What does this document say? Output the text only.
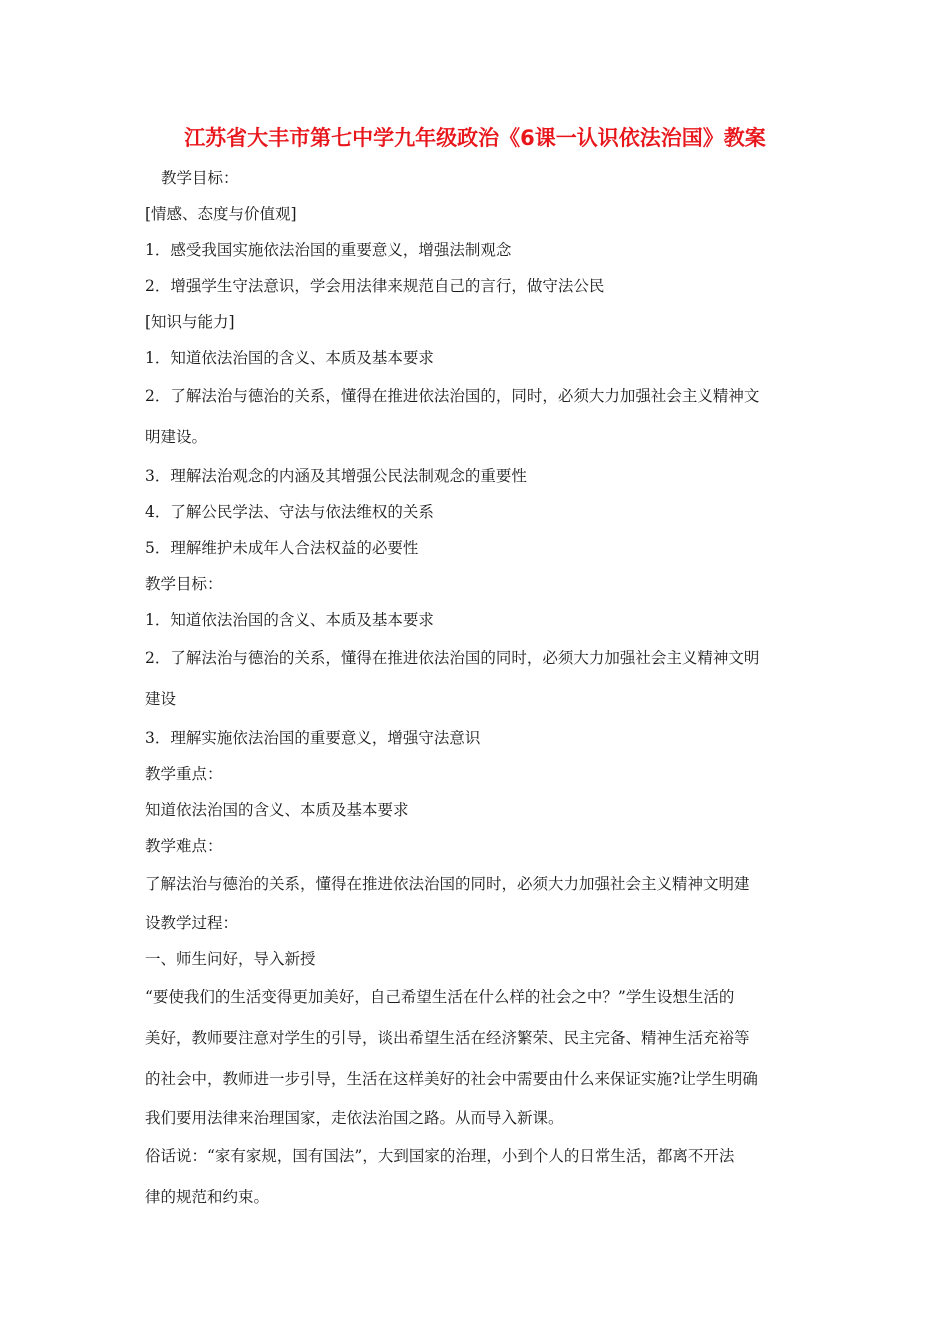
江苏省大丰市第七中学九年级政治《6课一认识依法治国》教案
教学目标：
[情感、态度与价值观]
1．感受我国实施依法治国的重要意义，增强法制观念
2．增强学生守法意识，学会用法律来规范自己的言行，做守法公民
[知识与能力]
1．知道依法治国的含义、本质及基本要求
2．了解法治与德治的关系，懂得在推进依法治国的，同时，必须大力加强社会主义精神文
明建设。
3．理解法治观念的内涵及其增强公民法制观念的重要性
4．了解公民学法、守法与依法维权的关系
5．理解维护未成年人合法权益的必要性
教学目标：
1．知道依法治国的含义、本质及基本要求
2．了解法治与德治的关系，懂得在推进依法治国的同时，必须大力加强社会主义精神文明
建设
3．理解实施依法治国的重要意义，增强守法意识
教学重点：
知道依法治国的含义、本质及基本要求
教学难点：
了解法治与德治的关系，懂得在推进依法治国的同时，必须大力加强社会主义精神文明建
设教学过程：
一、师生问好，导入新授
“要使我们的生活变得更加美好，自己希望生活在什么样的社会之中？”学生设想生活的
美好，教师要注意对学生的引导，谈出希望生活在经济繁荣、民主完备、精神生活充裕等
的社会中，教师进一步引导，生活在这样美好的社会中需要由什么来保证实施?让学生明确
我们要用法律来治理国家，走依法治国之路。从而导入新课。
俗话说：“家有家规，国有国法”，大到国家的治理，小到个人的日常生活，都离不开法
律的规范和约束。
